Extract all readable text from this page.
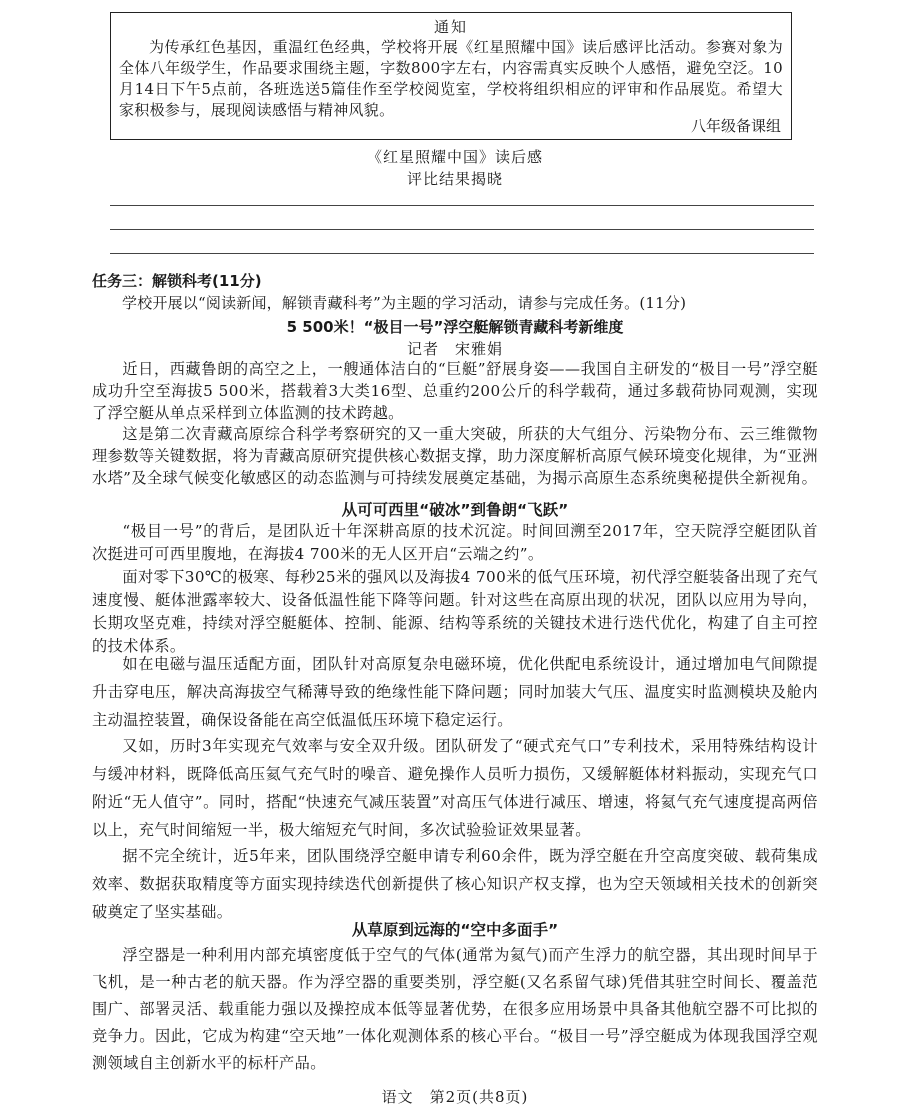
通知
为传承红色基因，重温红色经典，学校将开展《红星照耀中国》读后感评比活动。参赛对象为全体八年级学生，作品要求围绕主题，字数800字左右，内容需真实反映个人感悟，避免空泛。10月14日下午5点前，各班选送5篇佳作至学校阅览室，学校将组织相应的评审和作品展览。希望大家积极参与，展现阅读感悟与精神风貌。
八年级备课组
《红星照耀中国》读后感
评比结果揭晓
任务三：解锁科考(11分)
学校开展以“阅读新闻，解锁青藏科考”为主题的学习活动，请参与完成任务。(11分)
5 500米！“极目一号”浮空艇解锁青藏科考新维度
记者　宋雅娟

近日，西藏鲁朗的高空之上，一艘通体洁白的“巨艇”舒展身姿——我国自主研发的“极目一号”浮空艇成功升空至海拔5 500米，搭载着3大类16型、总重约200公斤的科学载荷，通过多载荷协同观测，实现了浮空艇从单点采样到立体监测的技术跨越。

这是第二次青藏高原综合科学考察研究的又一重大突破，所获的大气组分、污染物分布、云三维微物理参数等关键数据，将为青藏高原研究提供核心数据支撑，助力深度解析高原气候环境变化规律，为“亚洲水塔”及全球气候变化敏感区的动态监测与可持续发展奠定基础，为揭示高原生态系统奥秘提供全新视角。

从可可西里“破冰”到鲁朗“飞跃”

“极目一号”的背后，是团队近十年深耕高原的技术沉淀。时间回溯至2017年，空天院浮空艇团队首次挺进可可西里腹地，在海拔4 700米的无人区开启“云端之约”。

面对零下30℃的极寒、每秒25米的强风以及海拔4 700米的低气压环境，初代浮空艇装备出现了充气速度慢、艇体泄露率较大、设备低温性能下降等问题。针对这些在高原出现的状况，团队以应用为导向，长期攻坚克难，持续对浮空艇艇体、控制、能源、结构等系统的关键技术进行迭代优化，构建了自主可控的技术体系。

如在电磁与温压适配方面，团队针对高原复杂电磁环境，优化供配电系统设计，通过增加电气间隙提升击穿电压，解决高海拔空气稀薄导致的绝缘性能下降问题；同时加装大气压、温度实时监测模块及舱内主动温控装置，确保设备能在高空低温低压环境下稳定运行。

又如，历时3年实现充气效率与安全双升级。团队研发了“硬式充气口”专利技术，采用特殊结构设计与缓冲材料，既降低高压氦气充气时的噪音、避免操作人员听力损伤，又缓解艇体材料振动，实现充气口附近“无人值守”。同时，搭配“快速充气减压装置”对高压气体进行减压、增速，将氦气充气速度提高两倍以上，充气时间缩短一半，极大缩短充气时间，多次试验验证效果显著。

据不完全统计，近5年来，团队围绕浮空艇申请专利60余件，既为浮空艇在升空高度突破、载荷集成效率、数据获取精度等方面实现持续迭代创新提供了核心知识产权支撑，也为空天领域相关技术的创新突破奠定了坚实基础。

从草原到远海的“空中多面手”

浮空器是一种利用内部充填密度低于空气的气体(通常为氦气)而产生浮力的航空器，其出现时间早于飞机，是一种古老的航天器。作为浮空器的重要类别，浮空艇(又名系留气球)凭借其驻空时间长、覆盖范围广、部署灵活、载重能力强以及操控成本低等显著优势，在很多应用场景中具备其他航空器不可比拟的竞争力。因此，它成为构建“空天地”一体化观测体系的核心平台。“极目一号”浮空艇成为体现我国浮空观测领域自主创新水平的标杆产品。

语文　第2页(共8页)
